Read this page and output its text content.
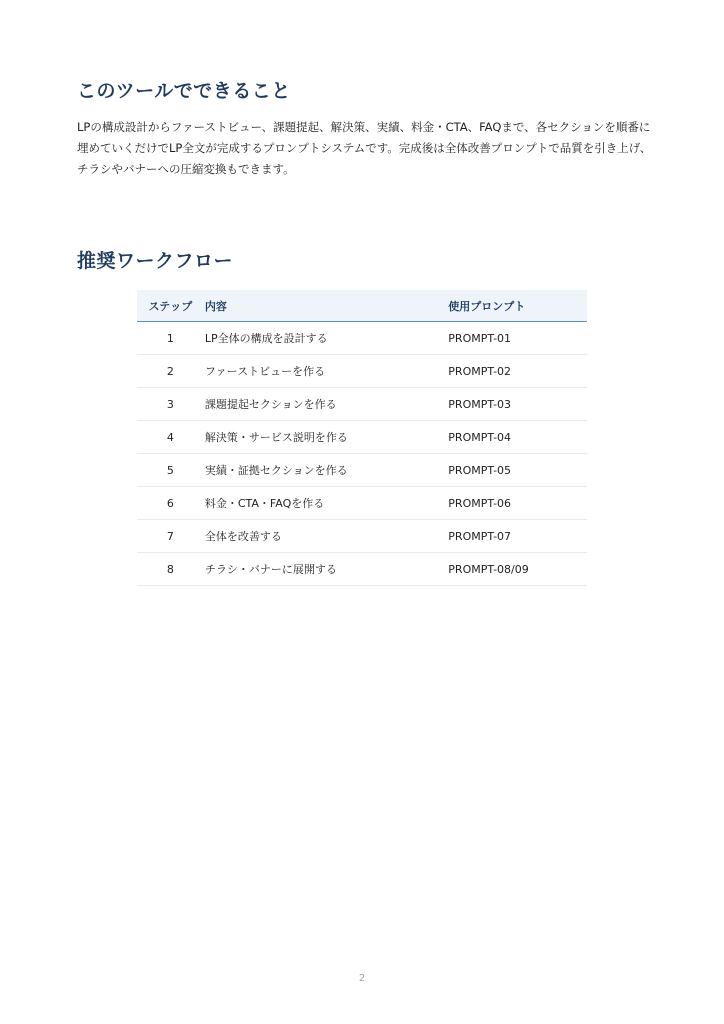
このツールでできること

LPの構成設計からファーストビュー、課題提起、解決策、実績、料金・CTA、FAQまで、各セクションを順番に埋めていくだけでLP全文が完成するプロンプトシステムです。完成後は全体改善プロンプトで品質を引き上げ、チラシやバナーへの圧縮変換もできます。

推奨ワークフロー
ステップ	内容	使用プロンプト
1	LP全体の構成を設計する	PROMPT-01
2	ファーストビューを作る	PROMPT-02
3	課題提起セクションを作る	PROMPT-03
4	解決策・サービス説明を作る	PROMPT-04
5	実績・証拠セクションを作る	PROMPT-05
6	料金・CTA・FAQを作る	PROMPT-06
7	全体を改善する	PROMPT-07
8	チラシ・バナーに展開する	PROMPT-08/09
2
